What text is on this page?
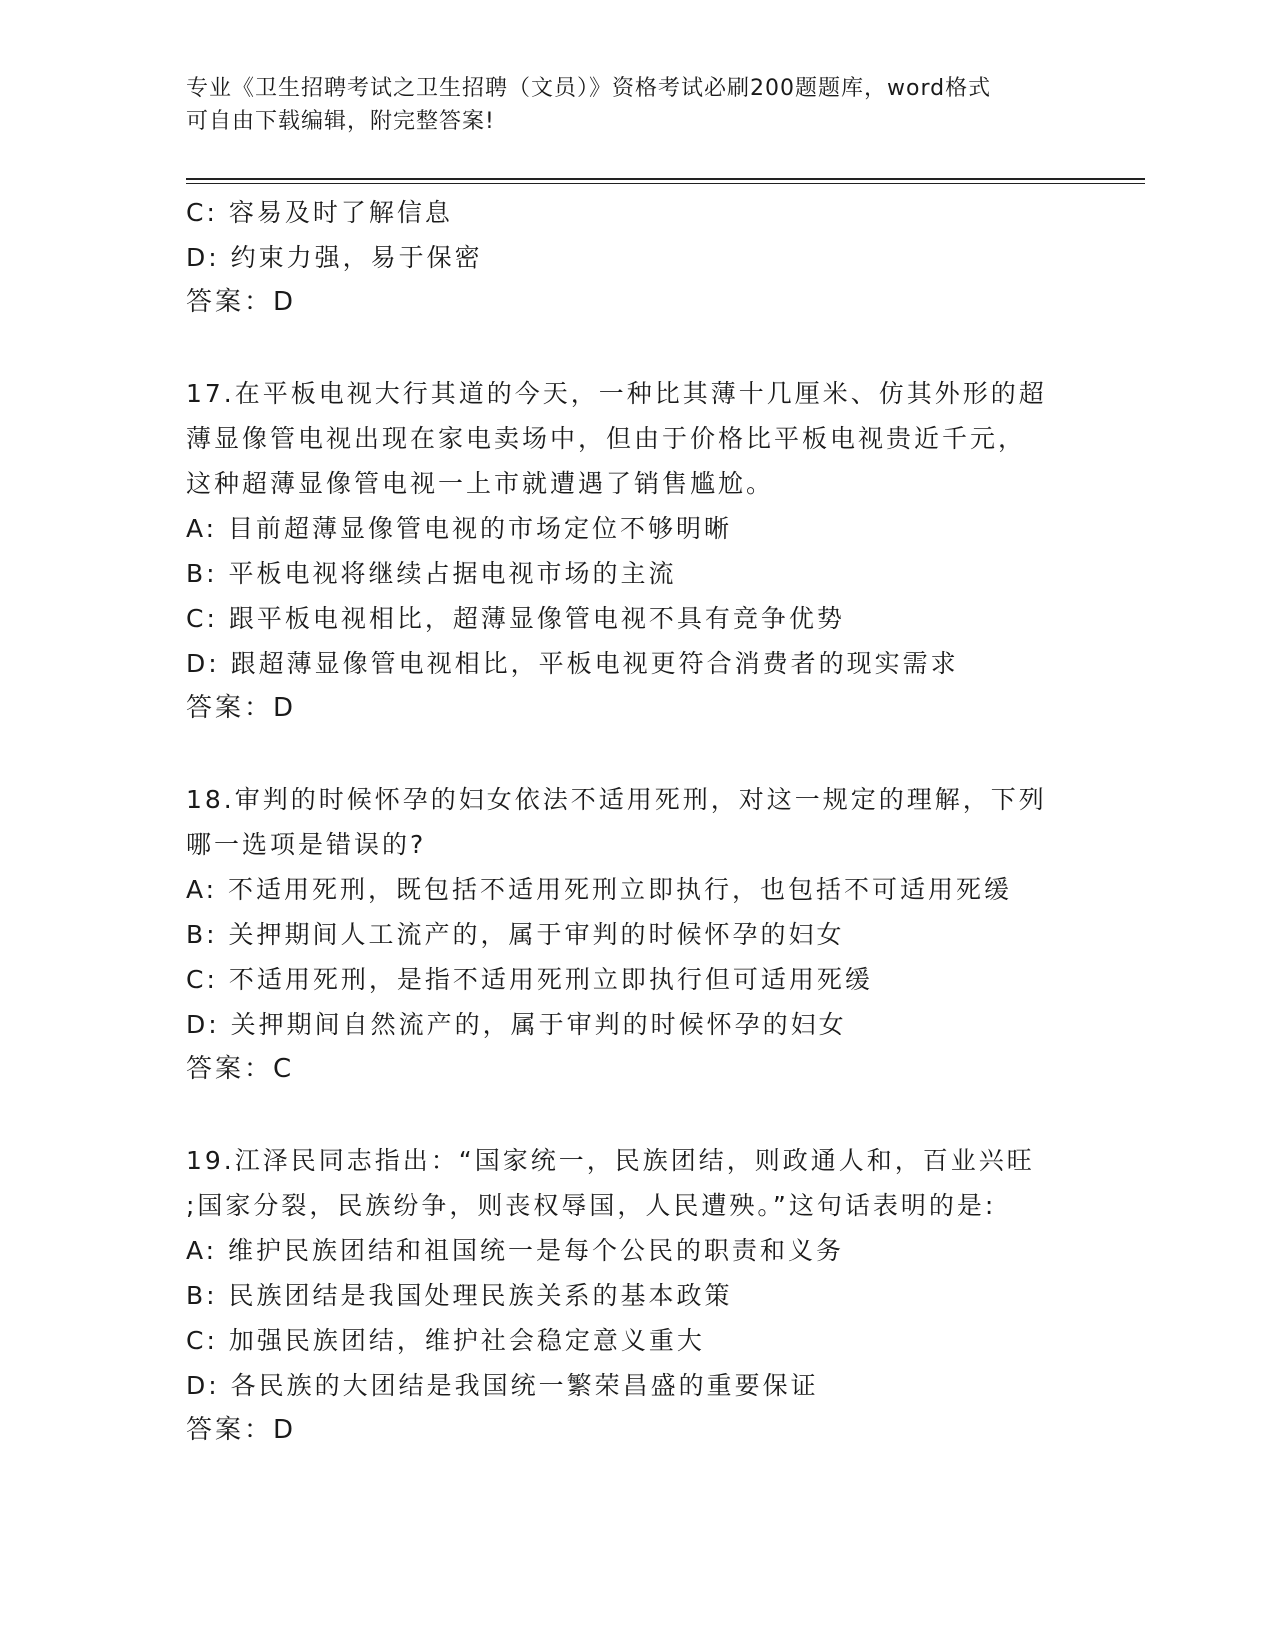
专业《卫生招聘考试之卫生招聘（文员）》资格考试必刷200题题库，word格式
可自由下载编辑，附完整答案!
C: 容易及时了解信息
D: 约束力强，易于保密
答案：D
17.在平板电视大行其道的今天，一种比其薄十几厘米、仿其外形的超
薄显像管电视出现在家电卖场中，但由于价格比平板电视贵近千元，
这种超薄显像管电视一上市就遭遇了销售尴尬。
A: 目前超薄显像管电视的市场定位不够明晰
B: 平板电视将继续占据电视市场的主流
C: 跟平板电视相比，超薄显像管电视不具有竞争优势
D: 跟超薄显像管电视相比，平板电视更符合消费者的现实需求
答案：D
18.审判的时候怀孕的妇女依法不适用死刑，对这一规定的理解，下列
哪一选项是错误的?
A: 不适用死刑，既包括不适用死刑立即执行，也包括不可适用死缓
B: 关押期间人工流产的，属于审判的时候怀孕的妇女
C: 不适用死刑，是指不适用死刑立即执行但可适用死缓
D: 关押期间自然流产的，属于审判的时候怀孕的妇女
答案：C
19.江泽民同志指出：“国家统一，民族团结，则政通人和，百业兴旺
;国家分裂，民族纷争，则丧权辱国，人民遭殃。”这句话表明的是:
A: 维护民族团结和祖国统一是每个公民的职责和义务
B: 民族团结是我国处理民族关系的基本政策
C: 加强民族团结，维护社会稳定意义重大
D: 各民族的大团结是我国统一繁荣昌盛的重要保证
答案：D
